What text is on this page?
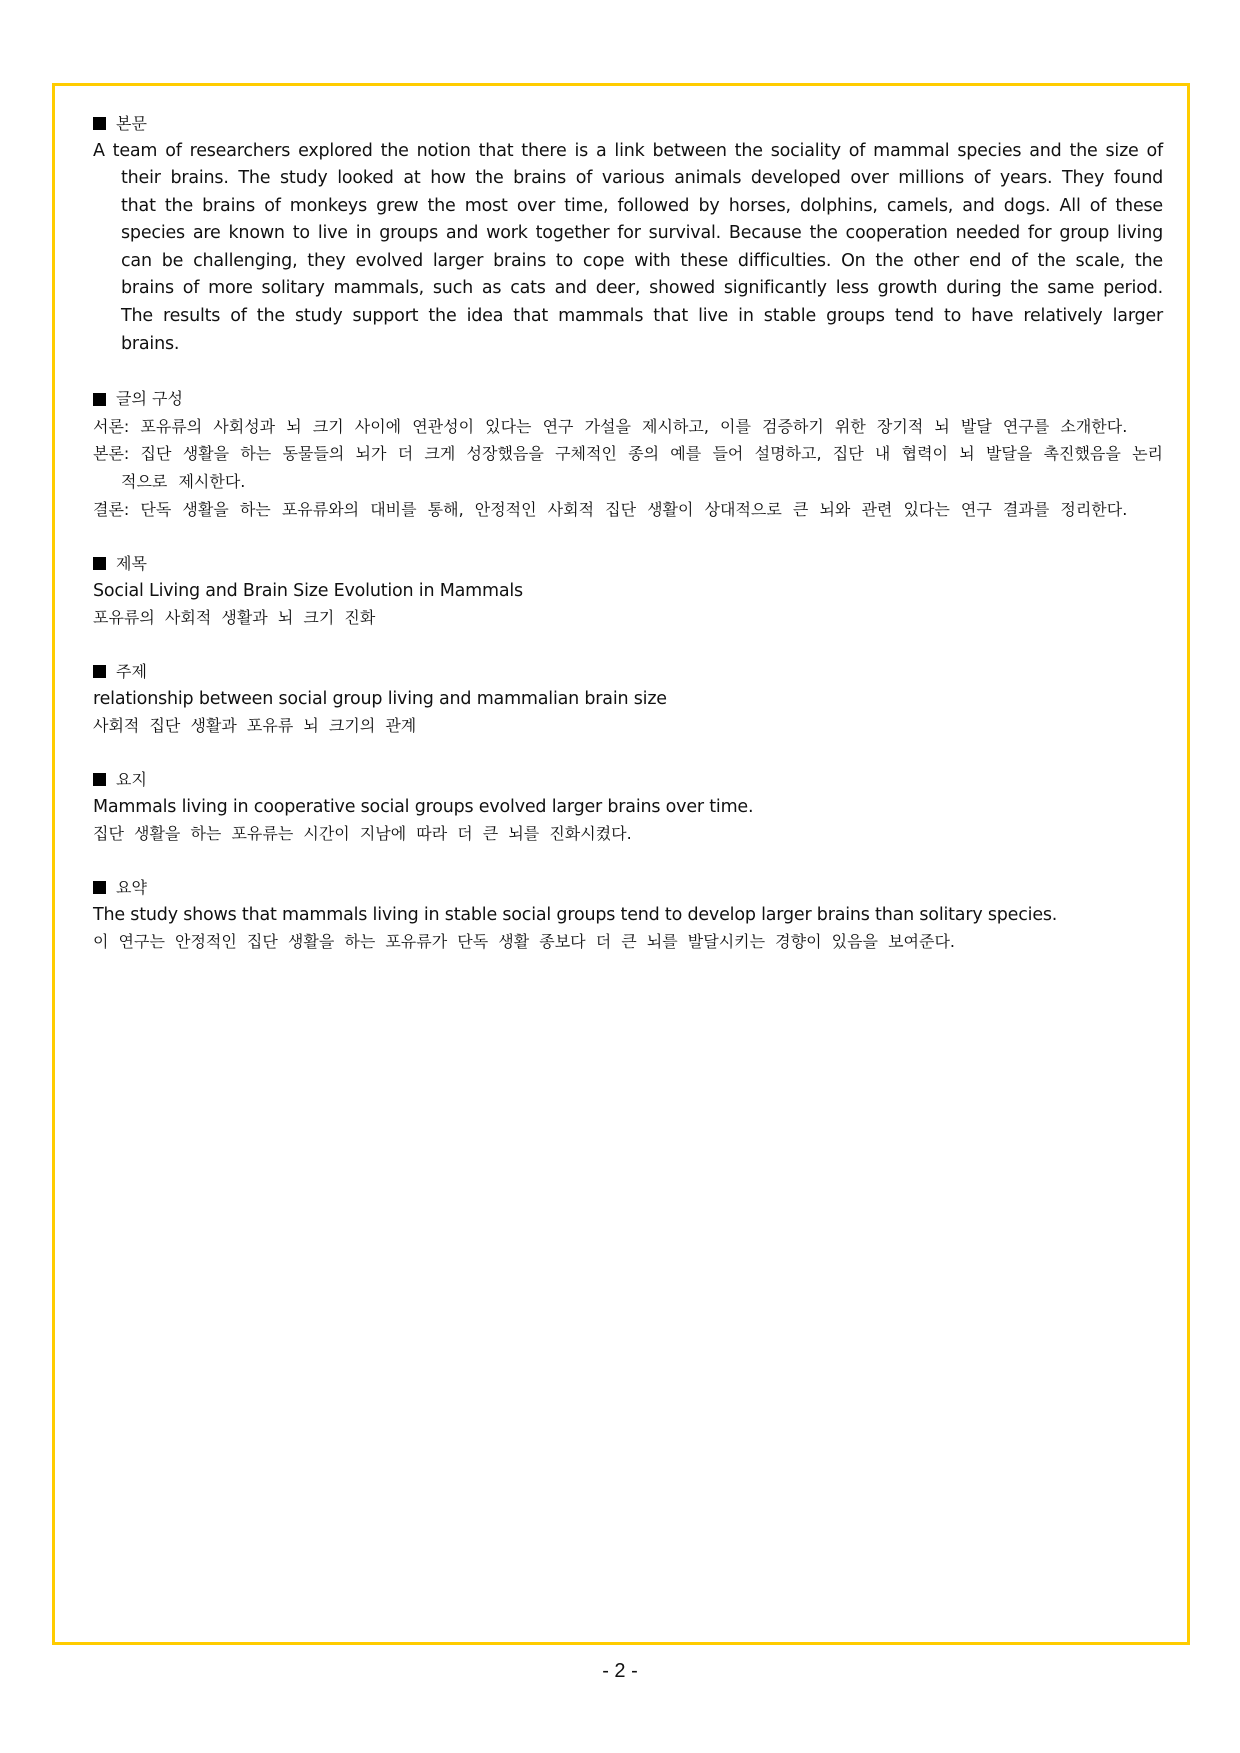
본문

A team of researchers explored the notion that there is a link between the sociality of mammal species and the size of their brains. The study looked at how the brains of various animals developed over millions of years. They found that the brains of monkeys grew the most over time, followed by horses, dolphins, camels, and dogs. All of these species are known to live in groups and work together for survival. Because the cooperation needed for group living can be challenging, they evolved larger brains to cope with these difficulties. On the other end of the scale, the brains of more solitary mammals, such as cats and deer, showed significantly less growth during the same period. The results of the study support the idea that mammals that live in stable groups tend to have relatively larger brains.

글의 구성

서론: 포유류의 사회성과 뇌 크기 사이에 연관성이 있다는 연구 가설을 제시하고, 이를 검증하기 위한 장기적 뇌 발달 연구를 소개한다.

본론: 집단 생활을 하는 동물들의 뇌가 더 크게 성장했음을 구체적인 종의 예를 들어 설명하고, 집단 내 협력이 뇌 발달을 촉진했음을 논리적으로 제시한다.

결론: 단독 생활을 하는 포유류와의 대비를 통해, 안정적인 사회적 집단 생활이 상대적으로 큰 뇌와 관련 있다는 연구 결과를 정리한다.

제목

Social Living and Brain Size Evolution in Mammals

포유류의 사회적 생활과 뇌 크기 진화

주제

relationship between social group living and mammalian brain size

사회적 집단 생활과 포유류 뇌 크기의 관계

요지

Mammals living in cooperative social groups evolved larger brains over time.

집단 생활을 하는 포유류는 시간이 지남에 따라 더 큰 뇌를 진화시켰다.

요약

The study shows that mammals living in stable social groups tend to develop larger brains than solitary species.

이 연구는 안정적인 집단 생활을 하는 포유류가 단독 생활 종보다 더 큰 뇌를 발달시키는 경향이 있음을 보여준다.

- 2 -
